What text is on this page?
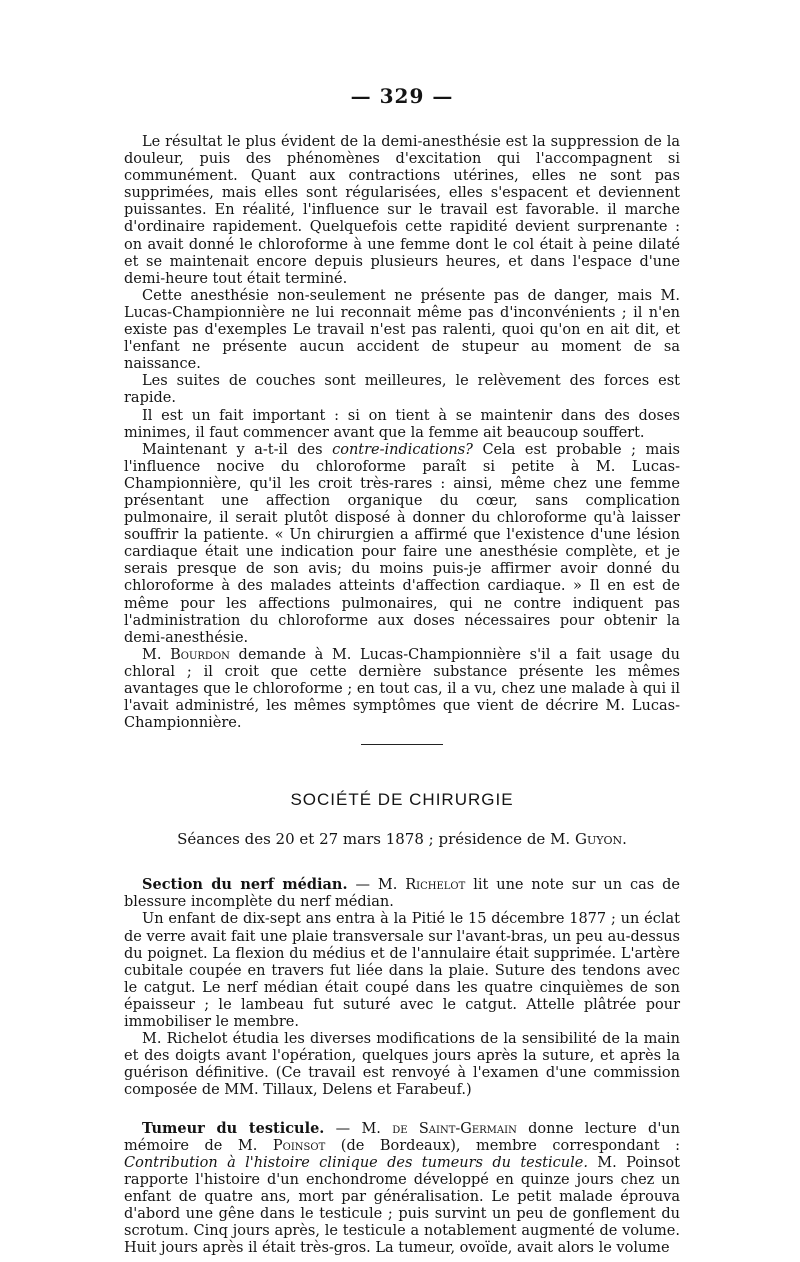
— 329 —

Le résultat le plus évident de la demi-anesthésie est la suppression de la douleur, puis des phénomènes d'excitation qui l'accompagnent si communément. Quant aux contractions utérines, elles ne sont pas supprimées, mais elles sont régularisées, elles s'espacent et deviennent puissantes. En réalité, l'influence sur le travail est favorable. il marche d'ordinaire rapidement. Quelquefois cette rapidité devient surprenante : on avait donné le chloroforme à une femme dont le col était à peine dilaté et se maintenait encore depuis plusieurs heures, et dans l'espace d'une demi-heure tout était terminé.

Cette anesthésie non-seulement ne présente pas de danger, mais M. Lucas-Championnière ne lui reconnait même pas d'inconvénients ; il n'en existe pas d'exemples Le travail n'est pas ralenti, quoi qu'on en ait dit, et l'enfant ne présente aucun accident de stupeur au moment de sa naissance.

Les suites de couches sont meilleures, le relèvement des forces est rapide.

Il est un fait important : si on tient à se maintenir dans des doses minimes, il faut commencer avant que la femme ait beaucoup souffert.

Maintenant y a-t-il des contre-indications? Cela est probable ; mais l'influence nocive du chloroforme paraît si petite à M. Lucas-Championnière, qu'il les croit très-rares : ainsi, même chez une femme présentant une affection organique du cœur, sans complication pulmonaire, il serait plutôt disposé à donner du chloroforme qu'à laisser souffrir la patiente. « Un chirurgien a affirmé que l'existence d'une lésion cardiaque était une indication pour faire une anesthésie complète, et je serais presque de son avis; du moins puis-je affirmer avoir donné du chloroforme à des malades atteints d'affection cardiaque. » Il en est de même pour les affections pulmonaires, qui ne contre indiquent pas l'administration du chloroforme aux doses nécessaires pour obtenir la demi-anesthésie.

M. Bourdon demande à M. Lucas-Championnière s'il a fait usage du chloral ; il croit que cette dernière substance présente les mêmes avantages que le chloroforme ; en tout cas, il a vu, chez une malade à qui il l'avait administré, les mêmes symptômes que vient de décrire M. Lucas-Championnière.

SOCIÉTÉ DE CHIRURGIE
Séances des 20 et 27 mars 1878 ; présidence de M. Guyon.

Section du nerf médian. — M. Richelot lit une note sur un cas de blessure incomplète du nerf médian.

Un enfant de dix-sept ans entra à la Pitié le 15 décembre 1877 ; un éclat de verre avait fait une plaie transversale sur l'avant-bras, un peu au-dessus du poignet. La flexion du médius et de l'annulaire était supprimée. L'artère cubitale coupée en travers fut liée dans la plaie. Suture des tendons avec le catgut. Le nerf médian était coupé dans les quatre cinquièmes de son épaisseur ; le lambeau fut suturé avec le catgut. Attelle plâtrée pour immobiliser le membre.

M. Richelot étudia les diverses modifications de la sensibilité de la main et des doigts avant l'opération, quelques jours après la suture, et après la guérison définitive. (Ce travail est renvoyé à l'examen d'une commission composée de MM. Tillaux, Delens et Farabeuf.)

Tumeur du testicule. — M. de Saint-Germain donne lecture d'un mémoire de M. Poinsot (de Bordeaux), membre correspondant : Contribution à l'histoire clinique des tumeurs du testicule. M. Poinsot rapporte l'histoire d'un enchondrome développé en quinze jours chez un enfant de quatre ans, mort par généralisation. Le petit malade éprouva d'abord une gêne dans le testicule ; puis survint un peu de gonflement du scrotum. Cinq jours après, le testicule a notablement augmenté de volume. Huit jours après il était très-gros. La tumeur, ovoïde, avait alors le volume
